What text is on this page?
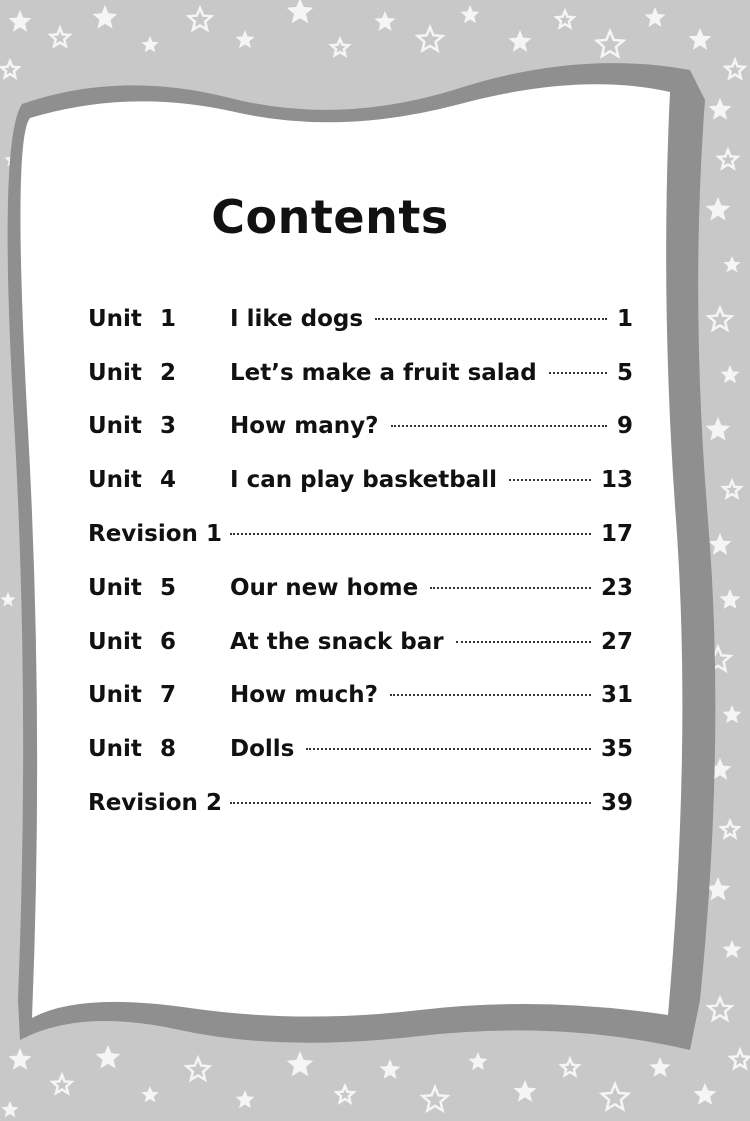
Contents
Unit 1 I like dogs	1
Unit 2 Let’s make a fruit salad	5
Unit 3 How many?	9
Unit 4 I can play basketball	13
Revision 1	17
Unit 5 Our new home	23
Unit 6 At the snack bar	27
Unit 7 How much?	31
Unit 8 Dolls	35
Revision 2	39
